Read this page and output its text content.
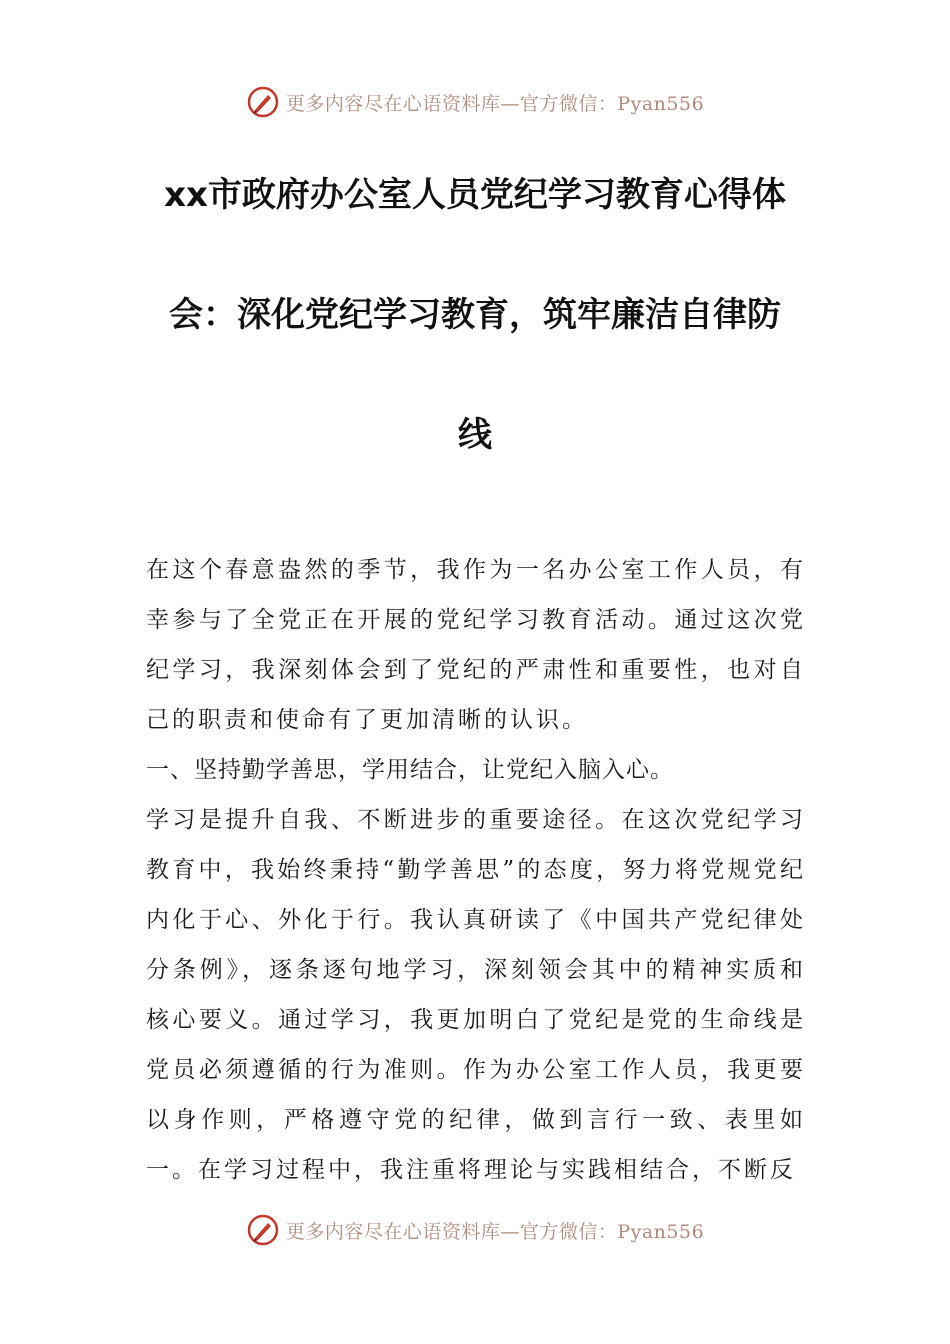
更多内容尽在心语资料库—官方微信：Pyan556
xx市政府办公室人员党纪学习教育心得体
会：深化党纪学习教育，筑牢廉洁自律防
线

在这个春意盎然的季节，我作为一名办公室工作人员，有幸参与了全党正在开展的党纪学习教育活动。通过这次党纪学习，我深刻体会到了党纪的严肃性和重要性，也对自己的职责和使命有了更加清晰的认识。

一、坚持勤学善思，学用结合，让党纪入脑入心。

学习是提升自我、不断进步的重要途径。在这次党纪学习教育中，我始终秉持“勤学善思”的态度，努力将党规党纪内化于心、外化于行。我认真研读了《中国共产党纪律处分条例》，逐条逐句地学习，深刻领会其中的精神实质和核心要义。通过学习，我更加明白了党纪是党的生命线是党员必须遵循的行为准则。作为办公室工作人员，我更要以身作则，严格遵守党的纪律，做到言行一致、表里如一。在学习过程中，我注重将理论与实践相结合，不断反

更多内容尽在心语资料库—官方微信：Pyan556
